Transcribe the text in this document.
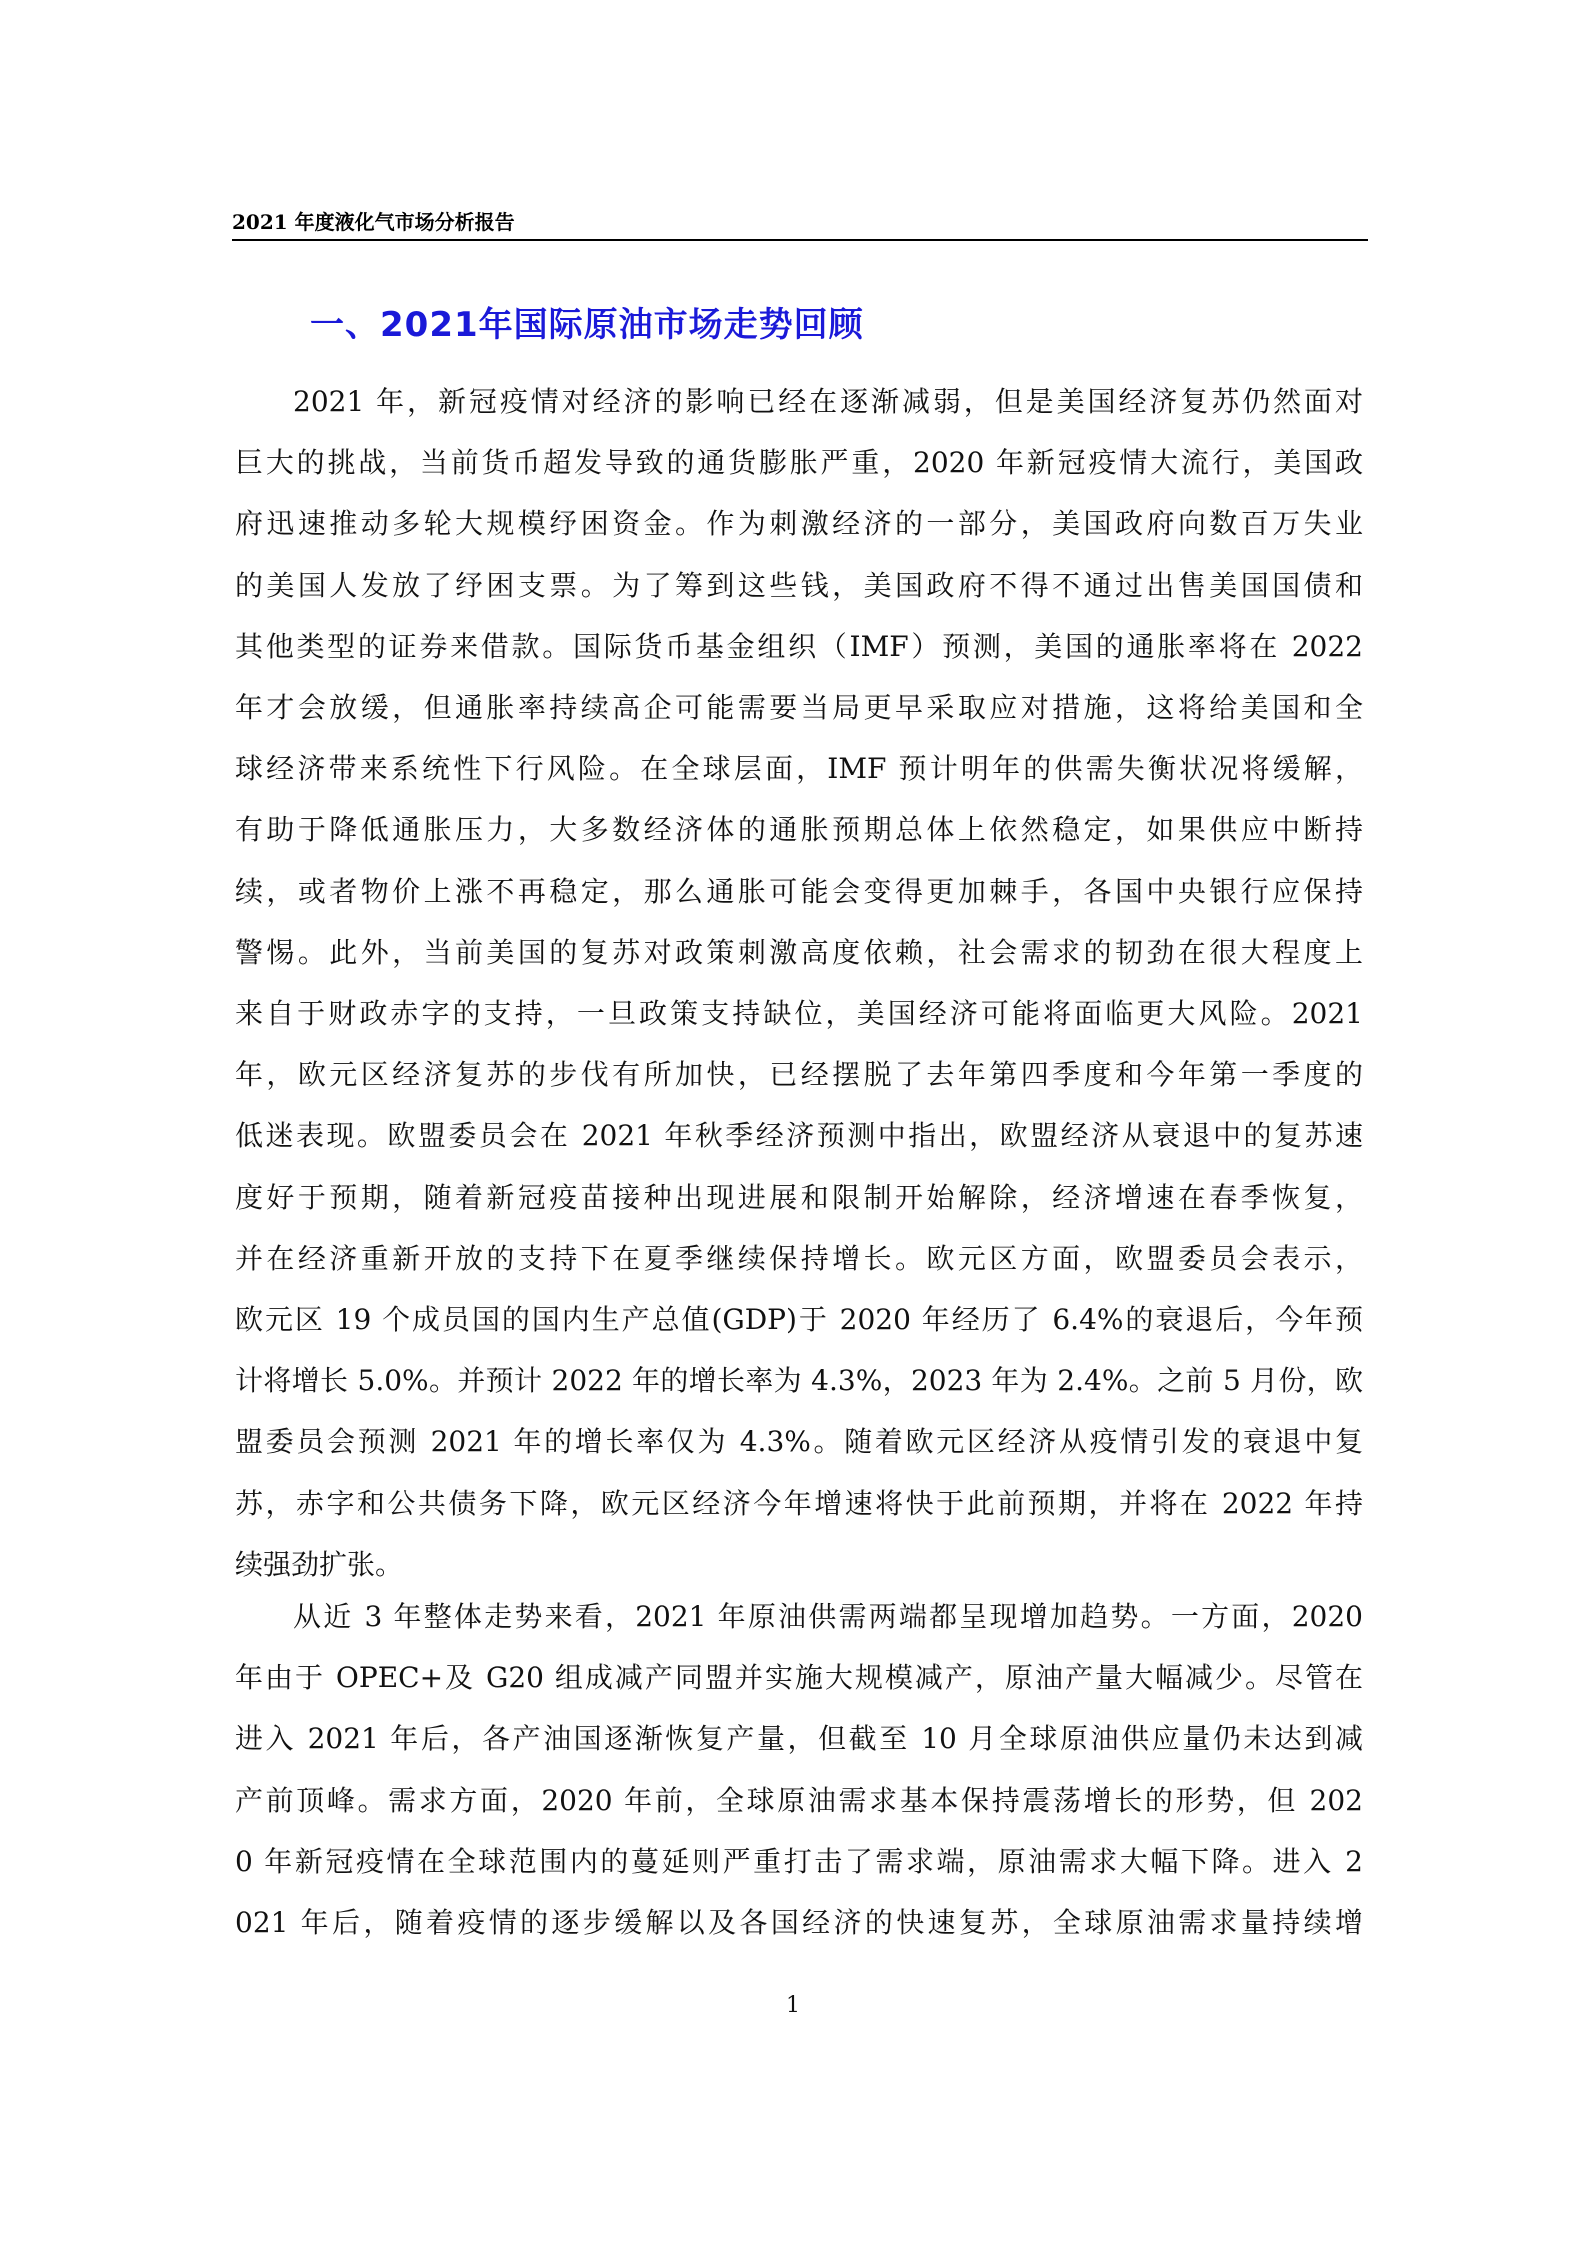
2021 年度液化气市场分析报告
一、2021年国际原油市场走势回顾
2021 年，新冠疫情对经济的影响已经在逐渐减弱，但是美国经济复苏仍然面对
巨大的挑战，当前货币超发导致的通货膨胀严重，2020 年新冠疫情大流行，美国政
府迅速推动多轮大规模纾困资金。作为刺激经济的一部分，美国政府向数百万失业
的美国人发放了纾困支票。为了筹到这些钱，美国政府不得不通过出售美国国债和
其他类型的证券来借款。国际货币基金组织（IMF）预测，美国的通胀率将在 2022
年才会放缓，但通胀率持续高企可能需要当局更早采取应对措施，这将给美国和全
球经济带来系统性下行风险。在全球层面，IMF 预计明年的供需失衡状况将缓解，
有助于降低通胀压力，大多数经济体的通胀预期总体上依然稳定，如果供应中断持
续，或者物价上涨不再稳定，那么通胀可能会变得更加棘手，各国中央银行应保持
警惕。此外，当前美国的复苏对政策刺激高度依赖，社会需求的韧劲在很大程度上
来自于财政赤字的支持，一旦政策支持缺位，美国经济可能将面临更大风险。2021
年，欧元区经济复苏的步伐有所加快，已经摆脱了去年第四季度和今年第一季度的
低迷表现。欧盟委员会在 2021 年秋季经济预测中指出，欧盟经济从衰退中的复苏速
度好于预期，随着新冠疫苗接种出现进展和限制开始解除，经济增速在春季恢复，
并在经济重新开放的支持下在夏季继续保持增长。欧元区方面，欧盟委员会表示，
欧元区 19 个成员国的国内生产总值(GDP)于 2020 年经历了 6.4%的衰退后，今年预
计将增长 5.0%。并预计 2022 年的增长率为 4.3%，2023 年为 2.4%。之前 5 月份，欧
盟委员会预测 2021 年的增长率仅为 4.3%。随着欧元区经济从疫情引发的衰退中复
苏，赤字和公共债务下降，欧元区经济今年增速将快于此前预期，并将在 2022 年持
续强劲扩张。
从近 3 年整体走势来看，2021 年原油供需两端都呈现增加趋势。一方面，2020
年由于 OPEC+及 G20 组成减产同盟并实施大规模减产，原油产量大幅减少。尽管在
进入 2021 年后，各产油国逐渐恢复产量，但截至 10 月全球原油供应量仍未达到减
产前顶峰。需求方面，2020 年前，全球原油需求基本保持震荡增长的形势，但 202
0 年新冠疫情在全球范围内的蔓延则严重打击了需求端，原油需求大幅下降。进入 2
021 年后，随着疫情的逐步缓解以及各国经济的快速复苏，全球原油需求量持续增
1
